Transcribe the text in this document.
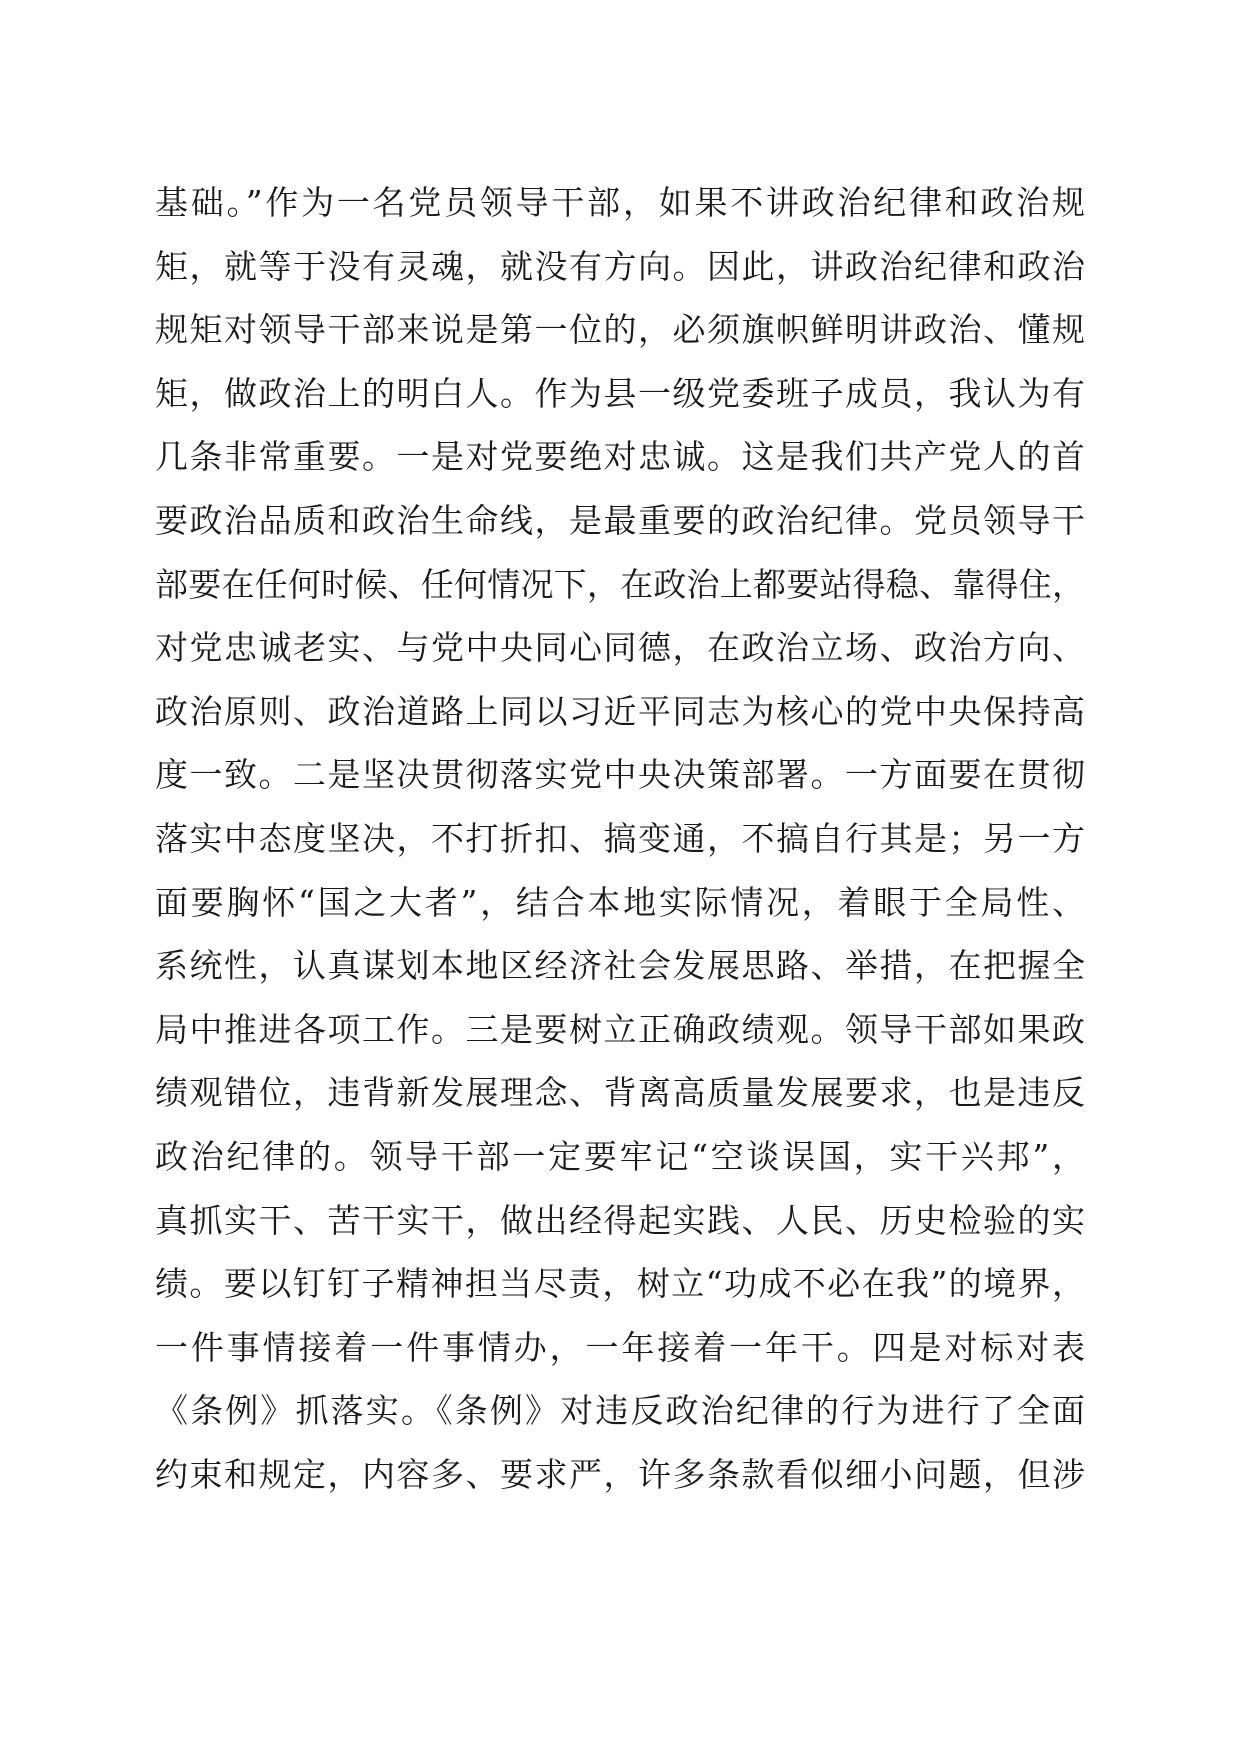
基础。”作为一名党员领导干部，如果不讲政治纪律和政治规
矩，就等于没有灵魂，就没有方向。因此，讲政治纪律和政治
规矩对领导干部来说是第一位的，必须旗帜鲜明讲政治、懂规
矩，做政治上的明白人。作为县一级党委班子成员，我认为有
几条非常重要。一是对党要绝对忠诚。这是我们共产党人的首
要政治品质和政治生命线，是最重要的政治纪律。党员领导干
部要在任何时候、任何情况下，在政治上都要站得稳、靠得住，
对党忠诚老实、与党中央同心同德，在政治立场、政治方向、
政治原则、政治道路上同以习近平同志为核心的党中央保持高
度一致。二是坚决贯彻落实党中央决策部署。一方面要在贯彻
落实中态度坚决，不打折扣、搞变通，不搞自行其是；另一方
面要胸怀“国之大者”，结合本地实际情况，着眼于全局性、
系统性，认真谋划本地区经济社会发展思路、举措，在把握全
局中推进各项工作。三是要树立正确政绩观。领导干部如果政
绩观错位，违背新发展理念、背离高质量发展要求，也是违反
政治纪律的。领导干部一定要牢记“空谈误国，实干兴邦”，
真抓实干、苦干实干，做出经得起实践、人民、历史检验的实
绩。要以钉钉子精神担当尽责，树立“功成不必在我”的境界，
一件事情接着一件事情办，一年接着一年干。四是对标对表
《条例》抓落实。《条例》对违反政治纪律的行为进行了全面
约束和规定，内容多、要求严，许多条款看似细小问题，但涉
